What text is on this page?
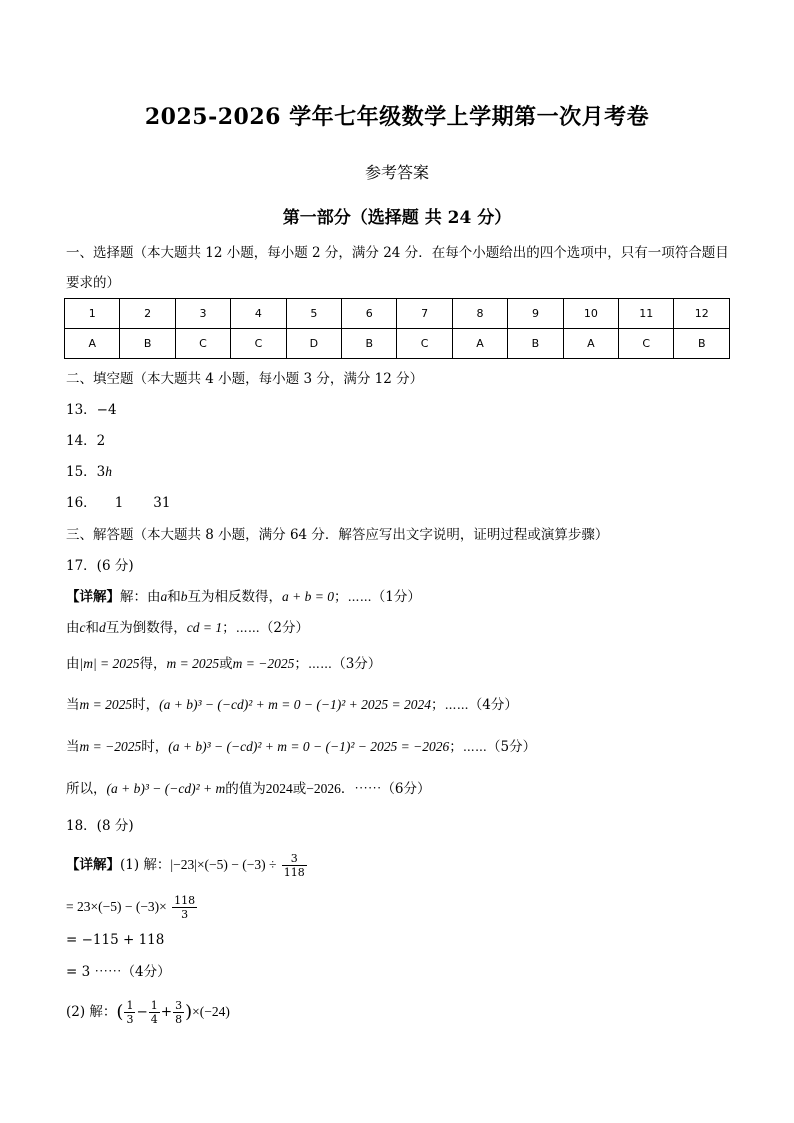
2025-2026 学年七年级数学上学期第一次月考卷
参考答案
第一部分（选择题 共 24 分）
一、选择题（本大题共 12 小题，每小题 2 分，满分 24 分．在每个小题给出的四个选项中，只有一项符合题目要求的）
1	2	3	4	5	6	7	8	9	10	11	12
A	B	C	C	D	B	C	A	B	A	C	B
二、填空题（本大题共 4 小题，每小题 3 分，满分 12 分）
13．−4
14．2
15．3h
16． 1 31
三、解答题（本大题共 8 小题，满分 64 分．解答应写出文字说明，证明过程或演算步骤）
17．(6 分)
【详解】解：由a和b互为相反数得，a + b = 0；⋯⋯（1分）
由c和d互为倒数得，cd = 1；⋯⋯（2分）
由|m| = 2025得，m = 2025或m = −2025；⋯⋯（3分）
当m = 2025时，(a + b)³ − (−cd)² + m = 0 − (−1)² + 2025 = 2024；⋯⋯（4分）
当m = −2025时，(a + b)³ − (−cd)² + m = 0 − (−1)² − 2025 = −2026；⋯⋯（5分）
所以，(a + b)³ − (−cd)² + m的值为2024或−2026．⋯⋯（6分）
18．(8 分)
【详解】(1) 解：$|-23|\times(-5) - (-3) \div \frac{3}{118}$
= $23\times(-5) - (-3)\times \frac{118}{3}$
= −115 + 118
= 3 ⋯⋯（4分）
(2) 解：( $\frac{1}{3} - \frac{1}{4} + \frac{3}{8} )\times(-24)$
